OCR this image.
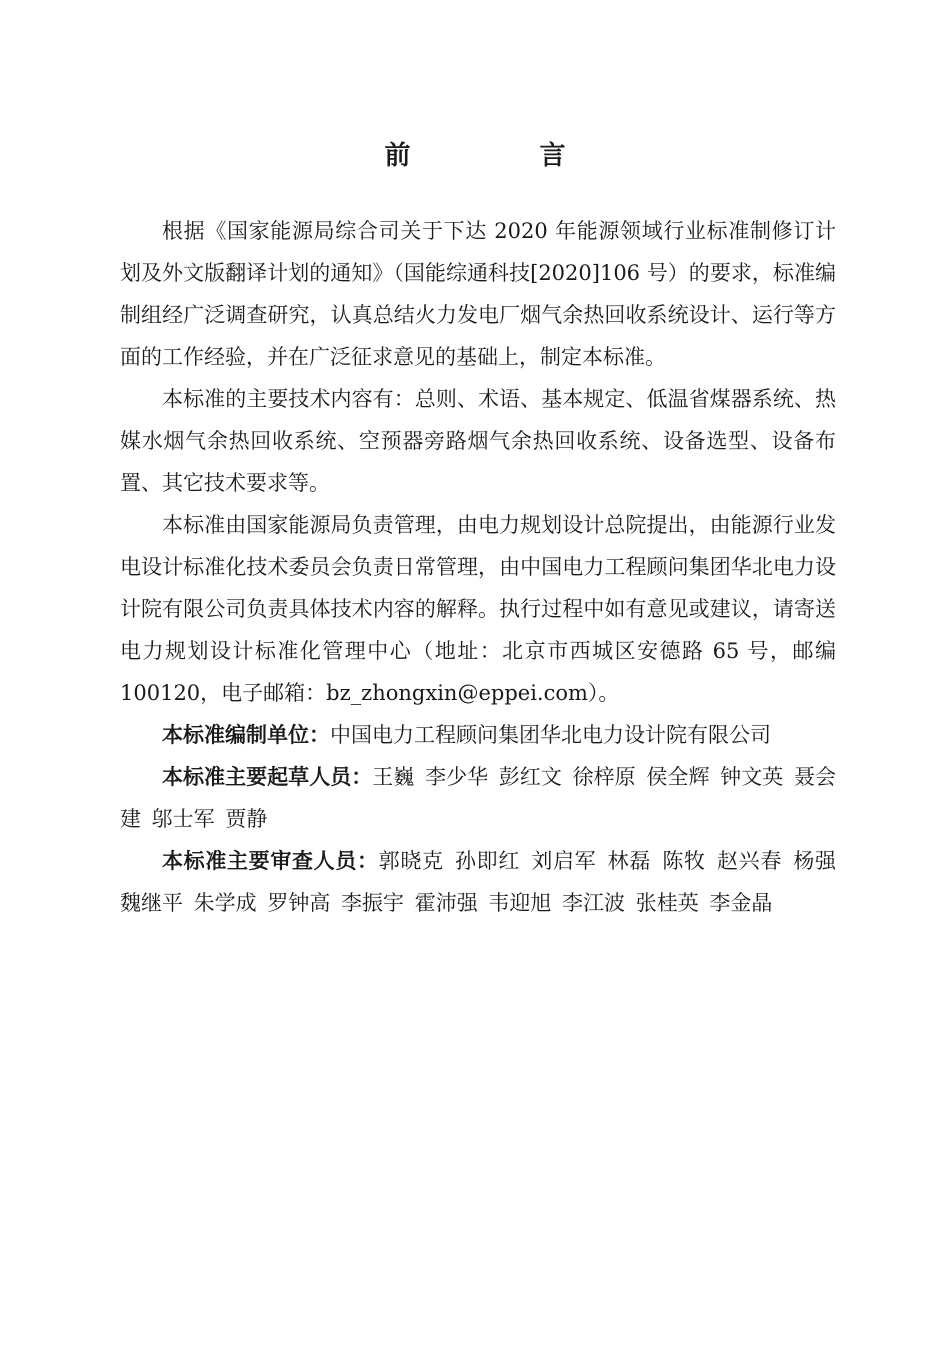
前 言

根据《国家能源局综合司关于下达 2020 年能源领域行业标准制修订计划及外文版翻译计划的通知》（国能综通科技[2020]106 号）的要求，标准编制组经广泛调查研究，认真总结火力发电厂烟气余热回收系统设计、运行等方面的工作经验，并在广泛征求意见的基础上，制定本标准。

本标准的主要技术内容有：总则、术语、基本规定、低温省煤器系统、热媒水烟气余热回收系统、空预器旁路烟气余热回收系统、设备选型、设备布置、其它技术要求等。

本标准由国家能源局负责管理，由电力规划设计总院提出，由能源行业发电设计标准化技术委员会负责日常管理，由中国电力工程顾问集团华北电力设计院有限公司负责具体技术内容的解释。执行过程中如有意见或建议，请寄送电力规划设计标准化管理中心（地址：北京市西城区安德路 65 号，邮编 100120，电子邮箱：bz_zhongxin@eppei.com）。

本标准编制单位：中国电力工程顾问集团华北电力设计院有限公司

本标准主要起草人员：王巍 李少华 彭红文 徐梓原 侯全辉 钟文英 聂会建 邬士军 贾静

本标准主要审查人员：郭晓克 孙即红 刘启军 林磊 陈牧 赵兴春 杨强 魏继平 朱学成 罗钟高 李振宇 霍沛强 韦迎旭 李江波 张桂英 李金晶
